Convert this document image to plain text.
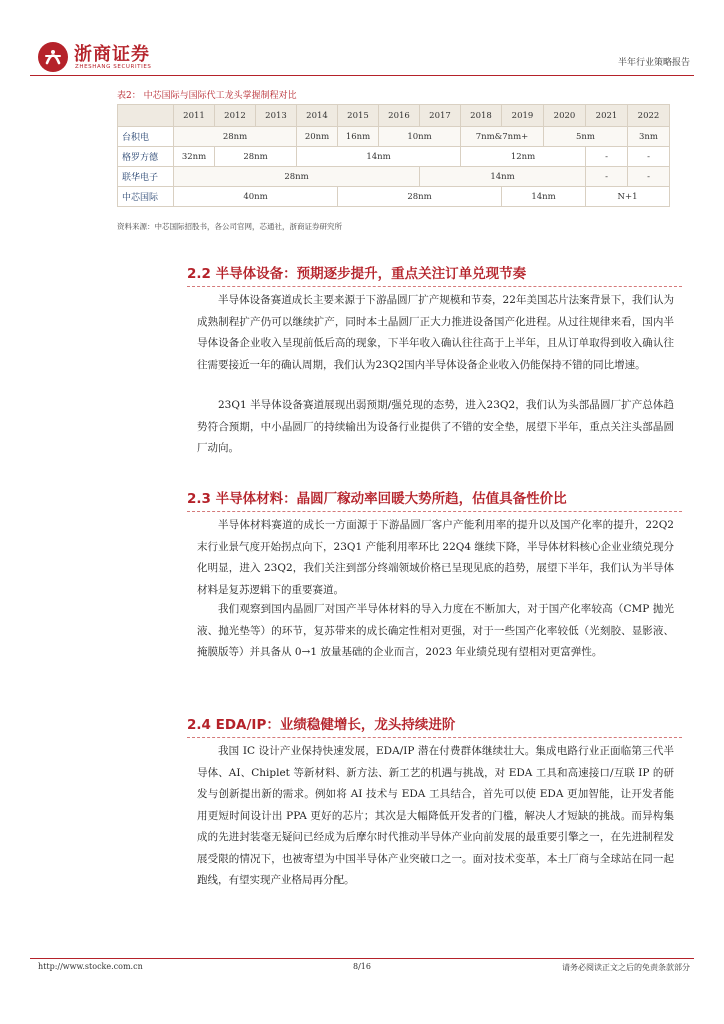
浙商证券
ZHESHANG SECURITIES	半年行业策略报告
表2： 中芯国际与国际代工龙头掌握制程对比
	2011	2012	2013	2014	2015	2016	2017	2018	2019	2020	2021	2022
台积电	28nm			20nm	16nm	10nm		7nm&7nm+		5nm		3nm
格罗方德	32nm	28nm		14nm				12nm			-	-
联华电子	28nm						14nm				-	-
中芯国际	40nm				28nm				14nm		N+1	
资料来源：中芯国际招股书，各公司官网，芯通社，浙商证券研究所
2.2 半导体设备：预期逐步提升，重点关注订单兑现节奏

半导体设备赛道成长主要来源于下游晶圆厂扩产规模和节奏，22年美国芯片法案背景下，我们认为成熟制程扩产仍可以继续扩产，同时本土晶圆厂正大力推进设备国产化进程。从过往规律来看，国内半导体设备企业收入呈现前低后高的现象，下半年收入确认往往高于上半年，且从订单取得到收入确认往往需要接近一年的确认周期，我们认为23Q2国内半导体设备企业收入仍能保持不错的同比增速。

23Q1 半导体设备赛道展现出弱预期/强兑现的态势，进入23Q2，我们认为头部晶圆厂扩产总体趋势符合预期，中小晶圆厂的持续输出为设备行业提供了不错的安全垫，展望下半年，重点关注头部晶圆厂动向。

2.3 半导体材料：晶圆厂稼动率回暖大势所趋，估值具备性价比

半导体材料赛道的成长一方面源于下游晶圆厂客户产能利用率的提升以及国产化率的提升，22Q2 末行业景气度开始拐点向下，23Q1 产能利用率环比 22Q4 继续下降，半导体材料核心企业业绩兑现分化明显，进入 23Q2，我们关注到部分终端领域价格已呈现见底的趋势，展望下半年，我们认为半导体材料是复苏逻辑下的重要赛道。

我们观察到国内晶圆厂对国产半导体材料的导入力度在不断加大，对于国产化率较高（CMP 抛光液、抛光垫等）的环节，复苏带来的成长确定性相对更强，对于一些国产化率较低（光刻胶、显影液、掩膜版等）并具备从 0→1 放量基础的企业而言，2023 年业绩兑现有望相对更富弹性。

2.4 EDA/IP：业绩稳健增长，龙头持续进阶

我国 IC 设计产业保持快速发展，EDA/IP 潜在付费群体继续壮大。集成电路行业正面临第三代半导体、AI、Chiplet 等新材料、新方法、新工艺的机遇与挑战，对 EDA 工具和高速接口/互联 IP 的研发与创新提出新的需求。例如将 AI 技术与 EDA 工具结合，首先可以使 EDA 更加智能，让开发者能用更短时间设计出 PPA 更好的芯片；其次是大幅降低开发者的门槛，解决人才短缺的挑战。而异构集成的先进封装毫无疑问已经成为后摩尔时代推动半导体产业向前发展的最重要引擎之一，在先进制程发展受限的情况下，也被寄望为中国半导体产业突破口之一。面对技术变革，本土厂商与全球站在同一起跑线，有望实现产业格局再分配。

http://www.stocke.com.cn	8/16	请务必阅读正文之后的免责条款部分
